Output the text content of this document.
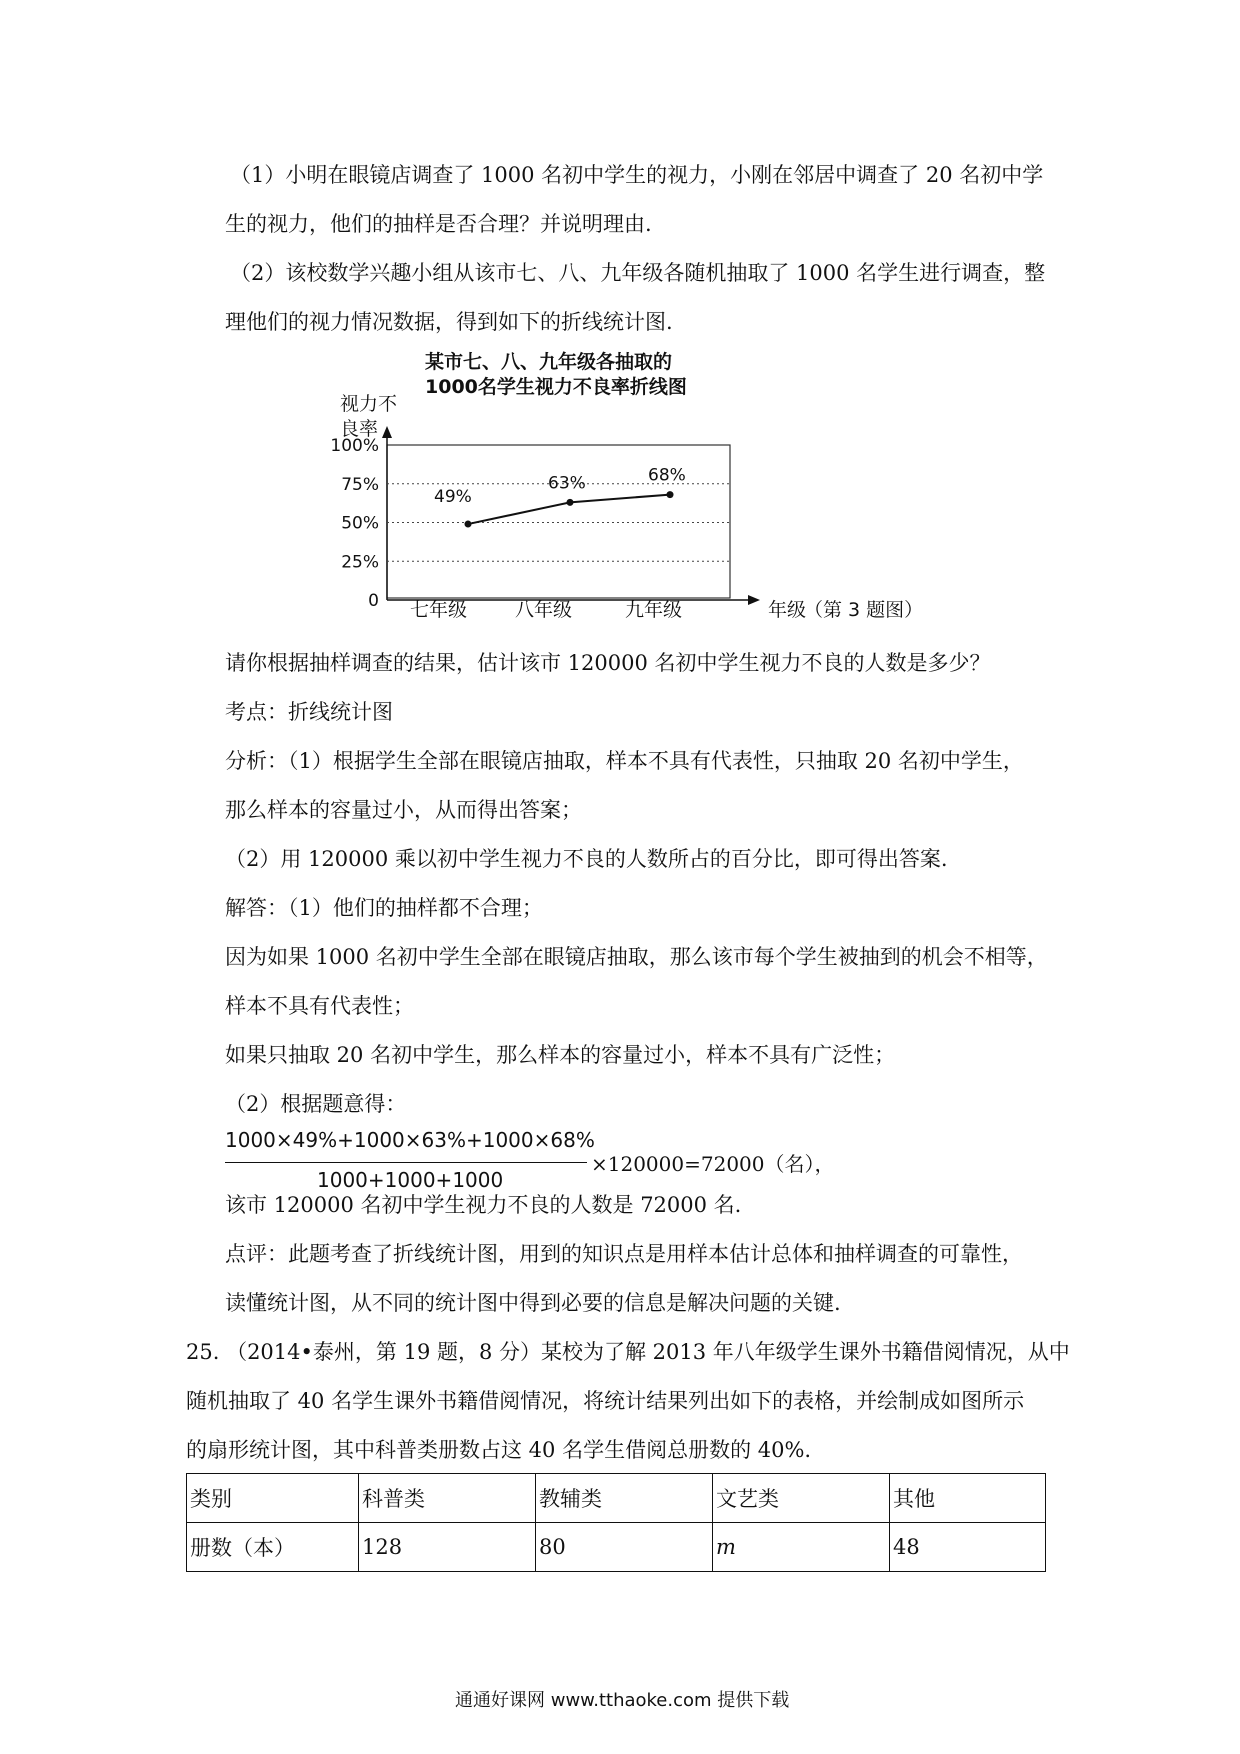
（1）小明在眼镜店调查了 1000 名初中学生的视力，小刚在邻居中调查了 20 名初中学
生的视力，他们的抽样是否合理？并说明理由.
（2）该校数学兴趣小组从该市七、八、九年级各随机抽取了 1000 名学生进行调查，整
理他们的视力情况数据，得到如下的折线统计图.
某市七、八、九年级各抽取的
1000名学生视力不良率折线图
视力不
良率
0
25%
50%
75%
100%
七年级	八年级	九年级
49%
63%	68%
年级
（第 3 题图）
请你根据抽样调查的结果，估计该市 120000 名初中学生视力不良的人数是多少？
考点：折线统计图
分析：（1）根据学生全部在眼镜店抽取，样本不具有代表性，只抽取 20 名初中学生，
那么样本的容量过小，从而得出答案；
（2）用 120000 乘以初中学生视力不良的人数所占的百分比，即可得出答案.
解答：（1）他们的抽样都不合理；
因为如果 1000 名初中学生全部在眼镜店抽取，那么该市每个学生被抽到的机会不相等，
样本不具有代表性；
如果只抽取 20 名初中学生，那么样本的容量过小，样本不具有广泛性；
（2）根据题意得：
1000×49%+1000×63%+1000×68%
1000+1000+1000
×120000=72000（名），
该市 120000 名初中学生视力不良的人数是 72000 名.
点评：此题考查了折线统计图，用到的知识点是用样本估计总体和抽样调查的可靠性，
读懂统计图，从不同的统计图中得到必要的信息是解决问题的关键.
25. （2014•泰州，第 19 题，8 分）某校为了解 2013 年八年级学生课外书籍借阅情况，从中
随机抽取了 40 名学生课外书籍借阅情况，将统计结果列出如下的表格，并绘制成如图所示
的扇形统计图，其中科普类册数占这 40 名学生借阅总册数的 40%.
类别	科普类	教辅类	文艺类	其他
册数（本）	128	80	m	48
通通好课网 www.tthaoke.com 提供下载
